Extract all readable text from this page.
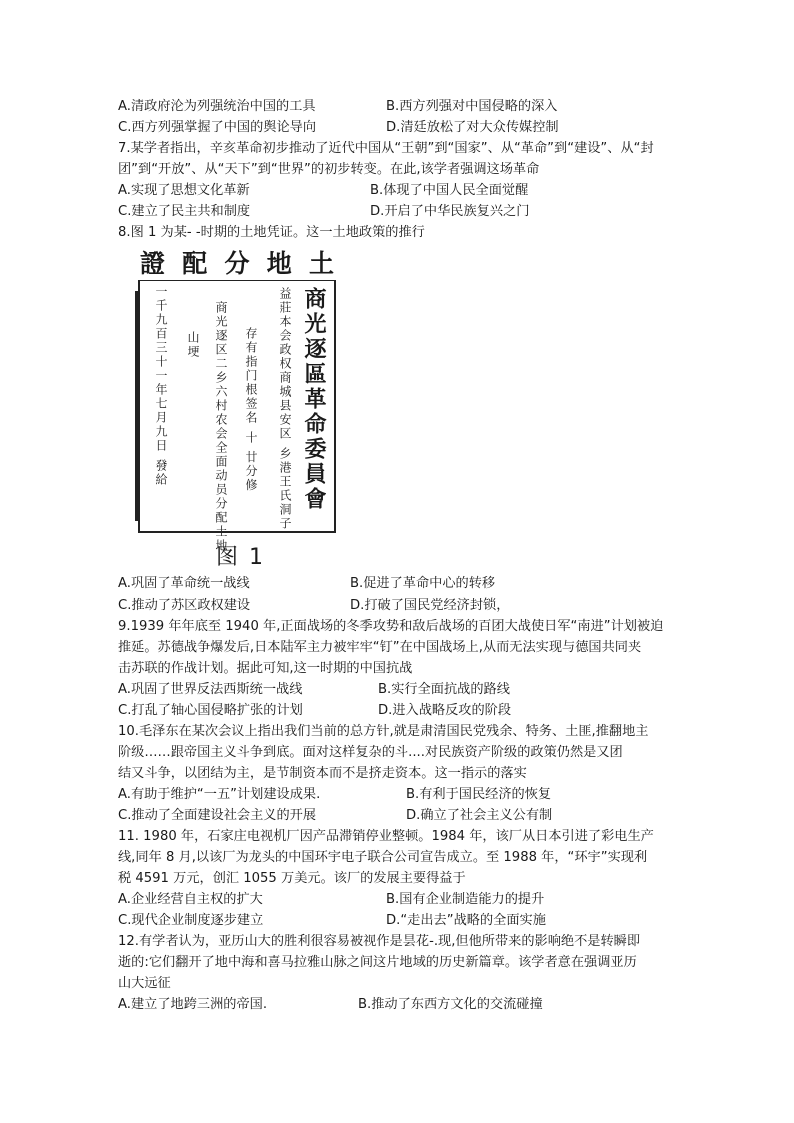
A.清政府沦为列强统治中国的工具	B.西方列强对中国侵略的深入
C.西方列强掌握了中国的舆论导向	D.清廷放松了对大众传媒控制
7.某学者指出，辛亥革命初步推动了近代中国从“王朝”到“国家”、从“革命”到“建设”、从“封
团”到“开放”、从“天下”到“世界”的初步转变。在此,该学者强调这场革命
A.实现了思想文化革新	B.体现了中国人民全面觉醒
C.建立了民主共和制度	D.开启了中华民族复兴之门
8.图 1 为某- -时期的土地凭证。这一土地政策的推行
證 配 分 地 土
商光逐區革命委員會
益莊本会政权商城县安区 乡港王氏洞子
存有指门根签名 十 廿分修
商光逐区二乡六村农会全面动员分配土地
山埂
一千九百三十一年七月九日 發給
图 1
A.巩固了革命统一战线	B.促进了革命中心的转移
C.推动了苏区政权建设	D.打破了国民党经济封锁，
9.1939 年年底至 1940 年,正面战场的冬季攻势和敌后战场的百团大战使日军“南进”计划被迫
推延。苏德战争爆发后,日本陆军主力被牢牢“钉”在中国战场上,从而无法实现与德国共同夹
击苏联的作战计划。据此可知,这一时期的中国抗战
A.巩固了世界反法西斯统一战线	B.实行全面抗战的路线
C.打乱了轴心国侵略扩张的计划	D.进入战略反攻的阶段
10.毛泽东在某次会议上指出我们当前的总方针,就是肃清国民党残余、特务、土匪,推翻地主
阶级……跟帝国主义斗争到底。面对这样复杂的斗....对民族资产阶级的政策仍然是又团
结又斗争，以团结为主，是节制资本而不是挤走资本。这一指示的落实
A.有助于维护“一五”计划建设成果.	B.有利于国民经济的恢复
C.推动了全面建设社会主义的开展	D.确立了社会主义公有制
11. 1980 年，石家庄电视机厂因产品滞销停业整顿。1984 年，该厂从日本引进了彩电生产
线,同年 8 月,以该厂为龙头的中国环宇电子联合公司宣告成立。至 1988 年，“环宇”实现利
税 4591 万元，创汇 1055 万美元。该厂的发展主要得益于
A.企业经营自主权的扩大	B.国有企业制造能力的提升
C.现代企业制度逐步建立	D.“走出去”战略的全面实施
12.有学者认为，亚历山大的胜利很容易被视作是昙花-.现,但他所带来的影响绝不是转瞬即
逝的:它们翻开了地中海和喜马拉雅山脉之间这片地域的历史新篇章。该学者意在强调亚历
山大远征
A.建立了地跨三洲的帝国.	B.推动了东西方文化的交流碰撞
